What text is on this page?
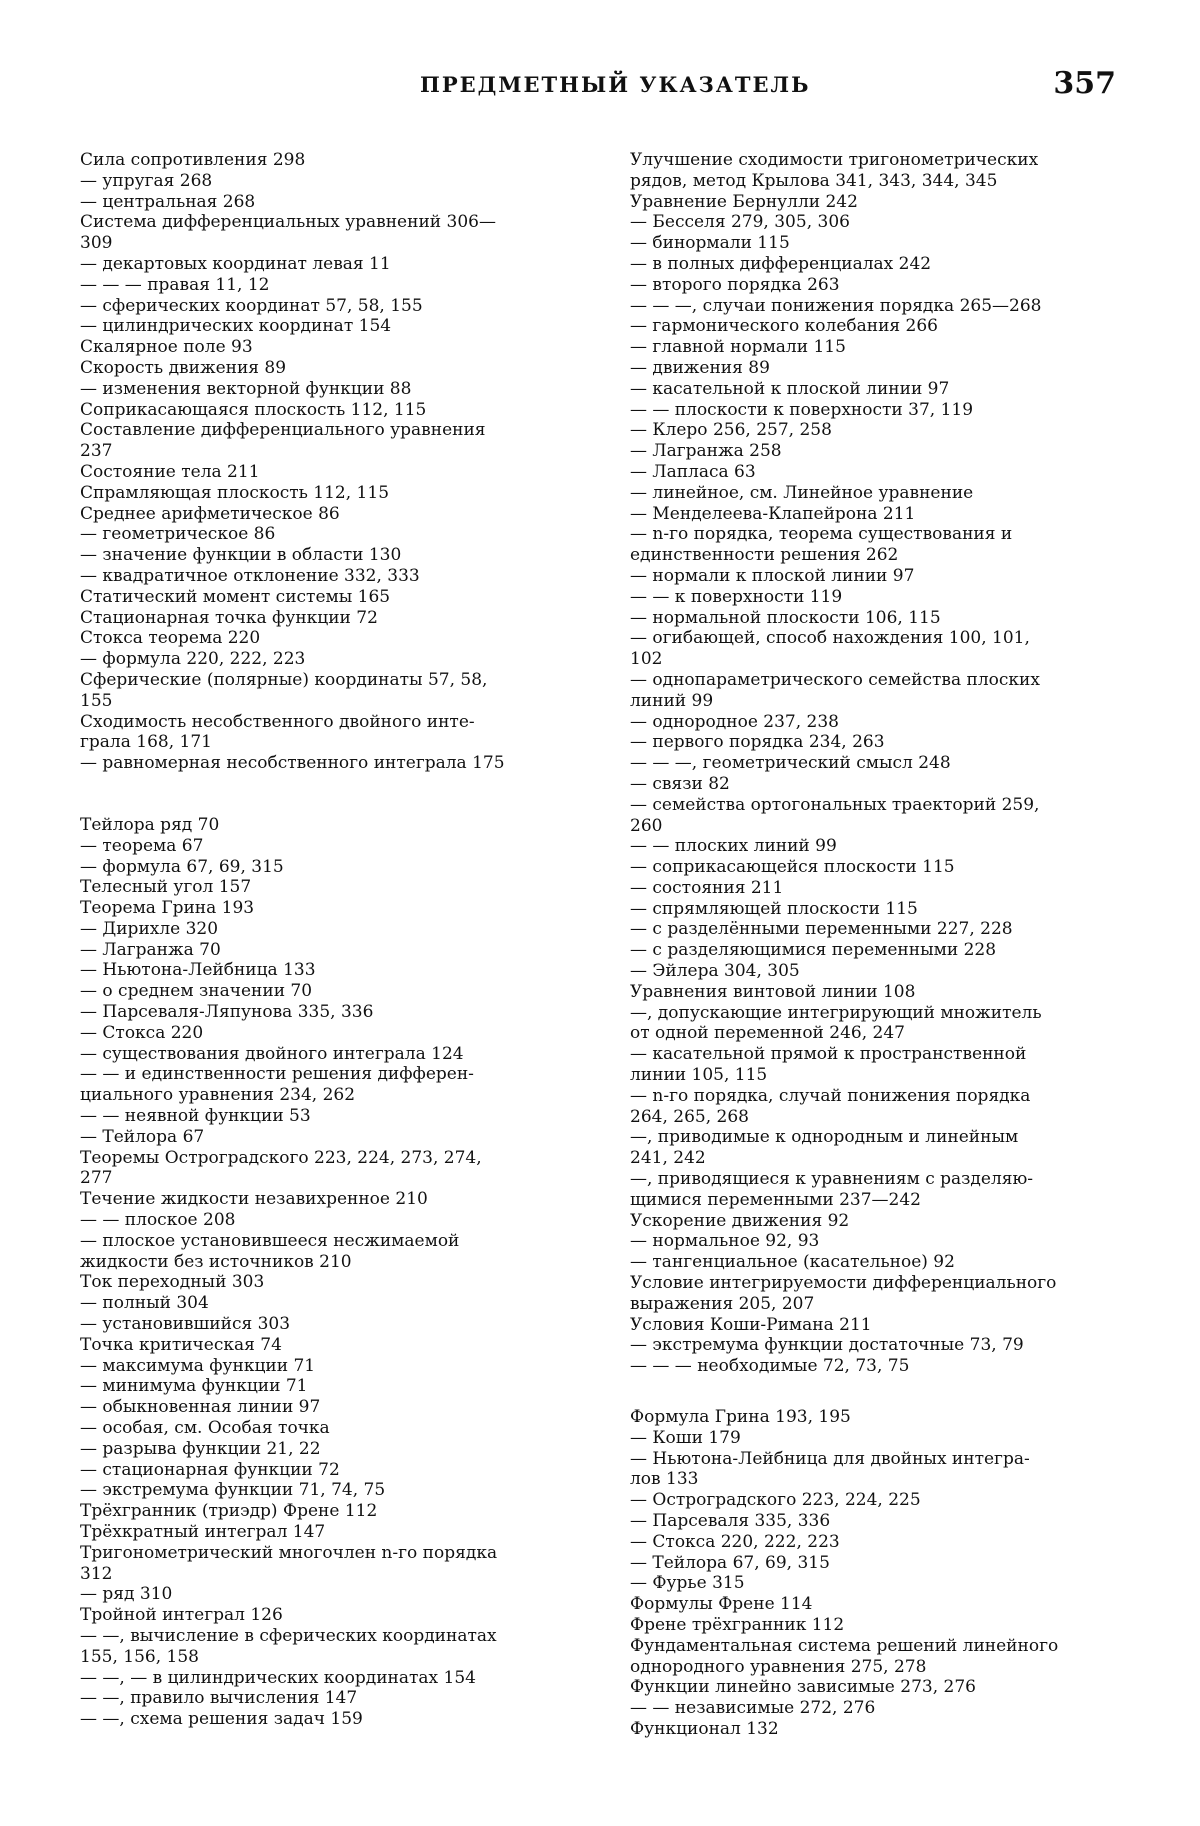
ПРЕДМЕТНЫЙ УКАЗАТЕЛЬ	357
Сила сопротивления 298
— упругая 268
— центральная 268
Система дифференциальных уравнений 306—
309
— декартовых координат левая 11
— — — правая 11, 12
— сферических координат 57, 58, 155
— цилиндрических координат 154
Скалярное поле 93
Скорость движения 89
— изменения векторной функции 88
Соприкасающаяся плоскость 112, 115
Составление дифференциального уравнения
237
Состояние тела 211
Спрамляющая плоскость 112, 115
Среднее арифметическое 86
— геометрическое 86
— значение функции в области 130
— квадратичное отклонение 332, 333
Статический момент системы 165
Стационарная точка функции 72
Стокса теорема 220
— формула 220, 222, 223
Сферические (полярные) координаты 57, 58,
155
Сходимость несобственного двойного инте-
грала 168, 171
— равномерная несобственного интеграла 175
Тейлора ряд 70
— теорема 67
— формула 67, 69, 315
Телесный угол 157
Теорема Грина 193
— Дирихле 320
— Лагранжа 70
— Ньютона-Лейбница 133
— о среднем значении 70
— Парсеваля-Ляпунова 335, 336
— Стокса 220
— существования двойного интеграла 124
— — и единственности решения дифферен-
циального уравнения 234, 262
— — неявной функции 53
— Тейлора 67
Теоремы Остроградского 223, 224, 273, 274,
277
Течение жидкости незавихренное 210
— — плоское 208
— плоское установившееся несжимаемой
жидкости без источников 210
Ток переходный 303
— полный 304
— установившийся 303
Точка критическая 74
— максимума функции 71
— минимума функции 71
— обыкновенная линии 97
— особая, см. Особая точка
— разрыва функции 21, 22
— стационарная функции 72
— экстремума функции 71, 74, 75
Трёхгранник (триэдр) Френе 112
Трёхкратный интеграл 147
Тригонометрический многочлен n-го порядка
312
— ряд 310
Тройной интеграл 126
— —, вычисление в сферических координатах
155, 156, 158
— —, — в цилиндрических координатах 154
— —, правило вычисления 147
— —, схема решения задач 159
Улучшение сходимости тригонометрических
рядов, метод Крылова 341, 343, 344, 345
Уравнение Бернулли 242
— Бесселя 279, 305, 306
— бинормали 115
— в полных дифференциалах 242
— второго порядка 263
— — —, случаи понижения порядка 265—268
— гармонического колебания 266
— главной нормали 115
— движения 89
— касательной к плоской линии 97
— — плоскости к поверхности 37, 119
— Клеро 256, 257, 258
— Лагранжа 258
— Лапласа 63
— линейное, см. Линейное уравнение
— Менделеева-Клапейрона 211
— n-го порядка, теорема существования и
единственности решения 262
— нормали к плоской линии 97
— — к поверхности 119
— нормальной плоскости 106, 115
— огибающей, способ нахождения 100, 101,
102
— однопараметрического семейства плоских
линий 99
— однородное 237, 238
— первого порядка 234, 263
— — —, геометрический смысл 248
— связи 82
— семейства ортогональных траекторий 259,
260
— — плоских линий 99
— соприкасающейся плоскости 115
— состояния 211
— спрямляющей плоскости 115
— с разделёнными переменными 227, 228
— с разделяющимися переменными 228
— Эйлера 304, 305
Уравнения винтовой линии 108
—, допускающие интегрирующий множитель
от одной переменной 246, 247
— касательной прямой к пространственной
линии 105, 115
— n-го порядка, случай понижения порядка
264, 265, 268
—, приводимые к однородным и линейным
241, 242
—, приводящиеся к уравнениям с разделяю-
щимися переменными 237—242
Ускорение движения 92
— нормальное 92, 93
— тангенциальное (касательное) 92
Условие интегрируемости дифференциального
выражения 205, 207
Условия Коши-Римана 211
— экстремума функции достаточные 73, 79
— — — необходимые 72, 73, 75
Формула Грина 193, 195
— Коши 179
— Ньютона-Лейбница для двойных интегра-
лов 133
— Остроградского 223, 224, 225
— Парсеваля 335, 336
— Стокса 220, 222, 223
— Тейлора 67, 69, 315
— Фурье 315
Формулы Френе 114
Френе трёхгранник 112
Фундаментальная система решений линейного
однородного уравнения 275, 278
Функции линейно зависимые 273, 276
— — независимые 272, 276
Функционал 132
